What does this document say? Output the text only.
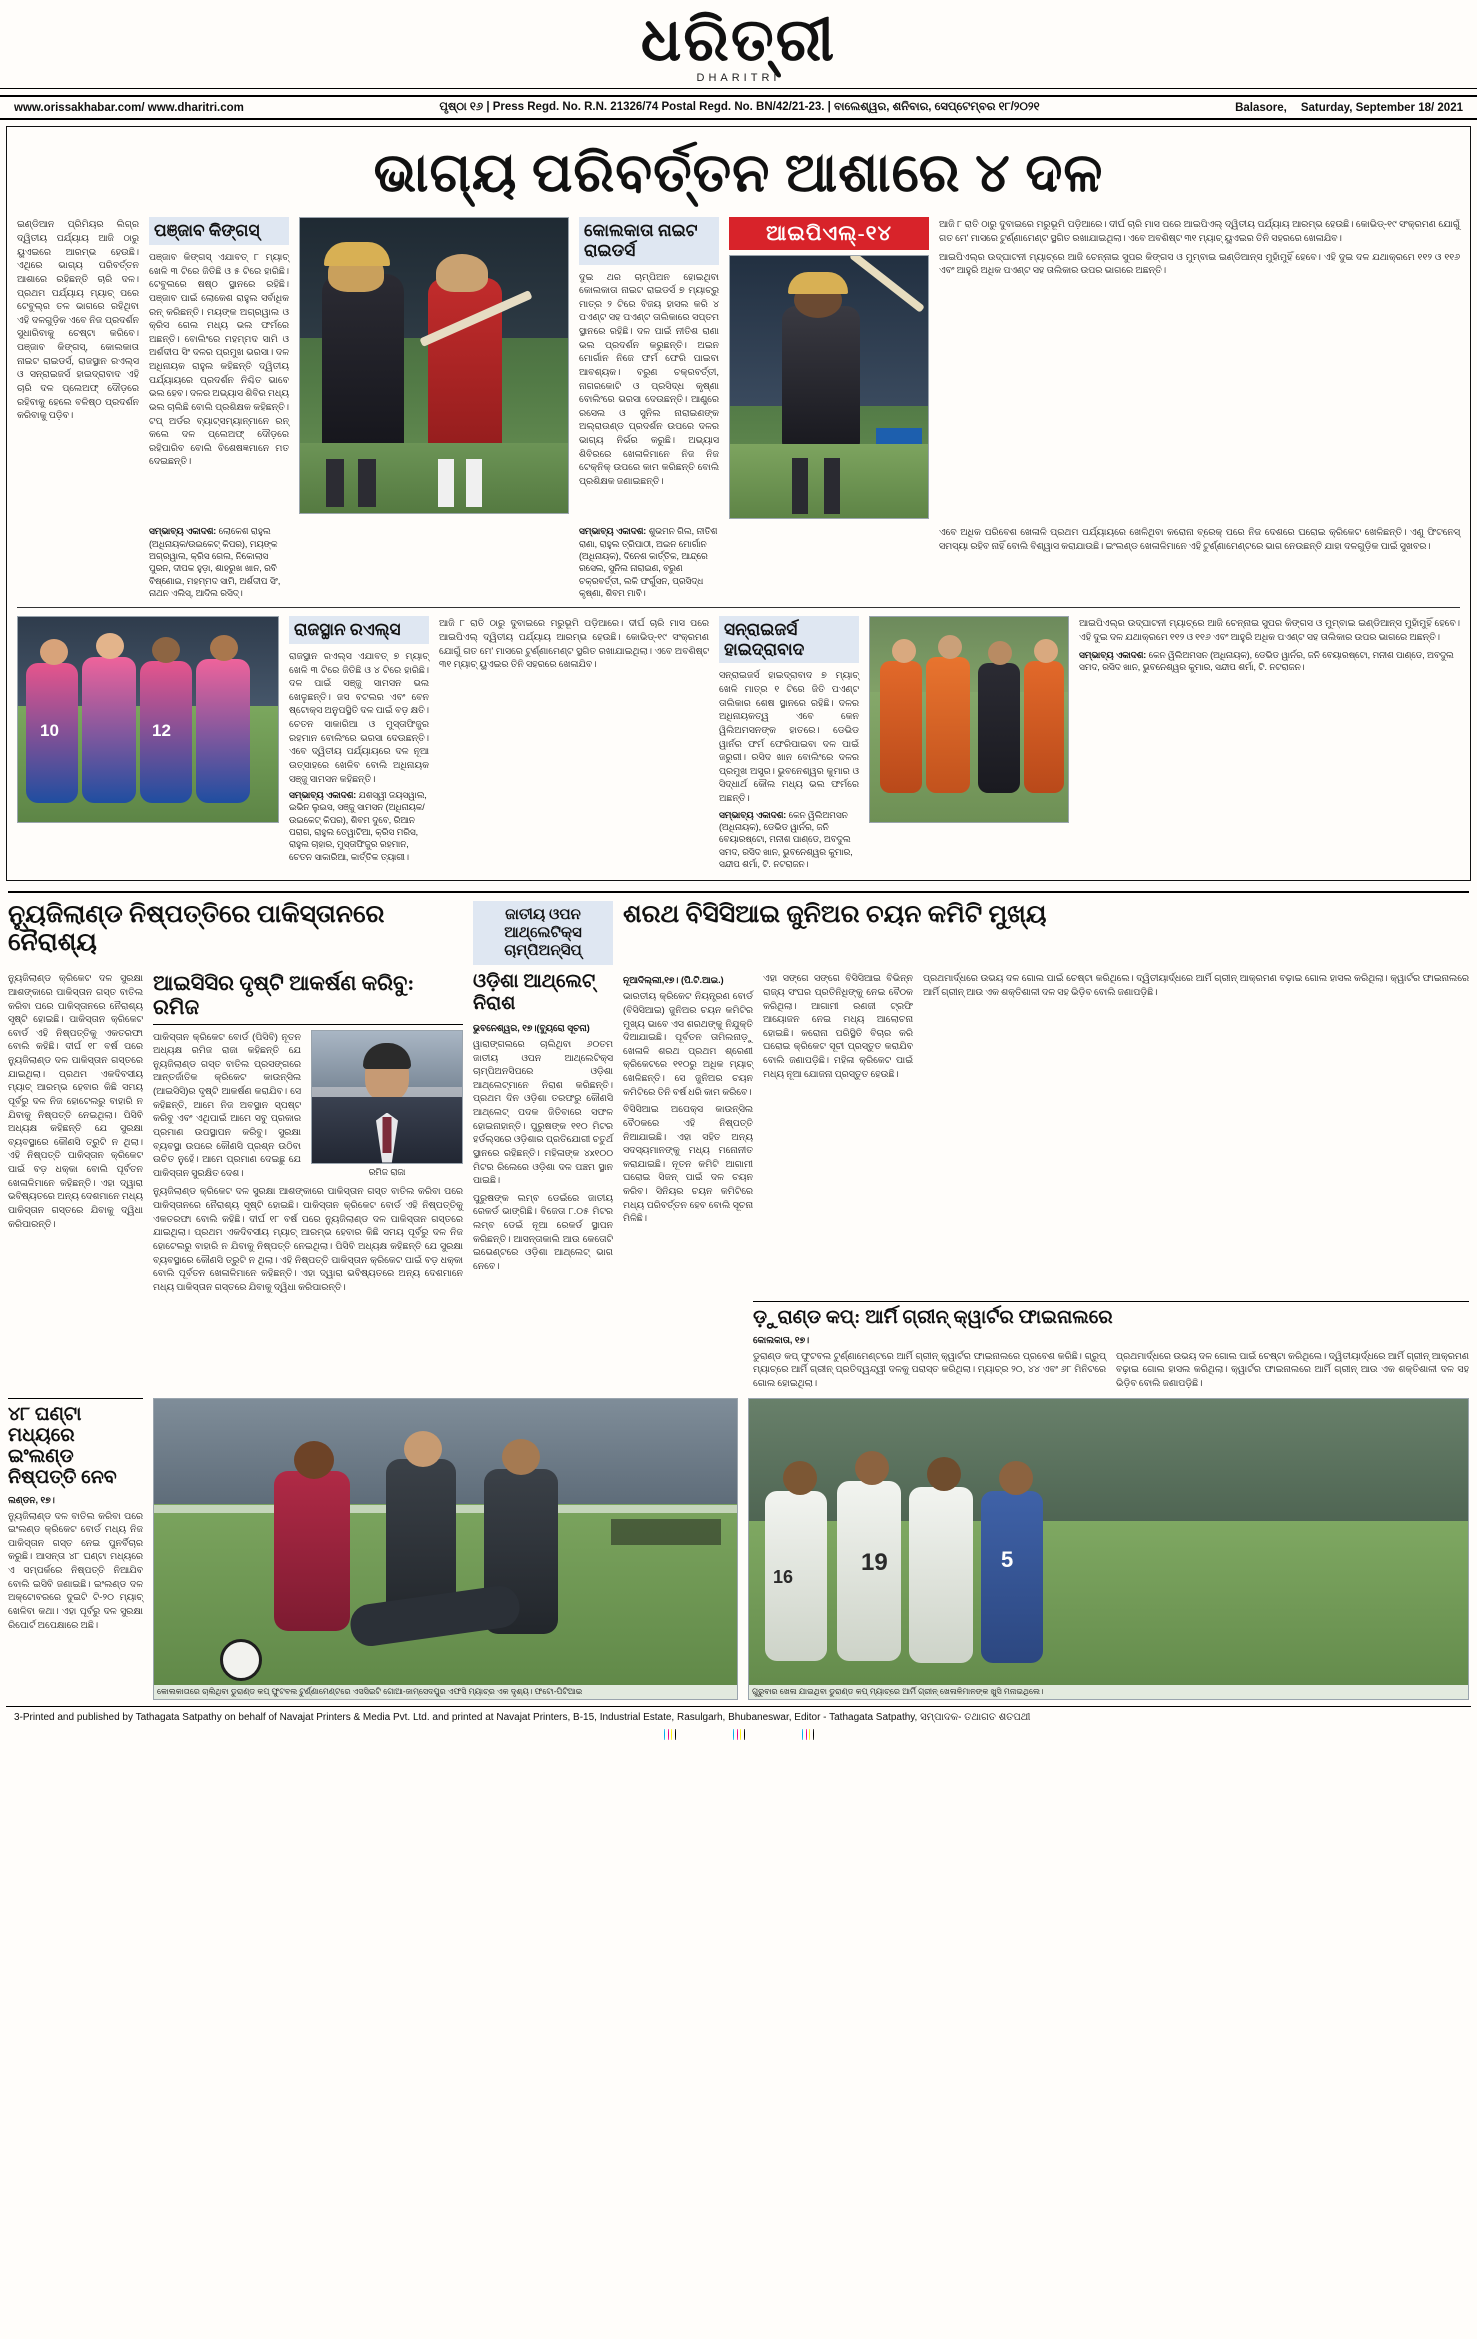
ଧରିତ୍ରୀ
DHARITRI
www.orissakhabar.com/ www.dharitri.com	ପୃଷ୍ଠା ୧୬ | Press Regd. No. R.N. 21326/74 Postal Regd. No. BN/42/21-23. | ବାଲେଶ୍ୱର, ଶନିବାର, ସେପ୍ଟେମ୍ବର ୧୮/୨୦୨୧	Balasore, Saturday, September 18/ 2021
ଭାଗ୍ୟ ପରିବର୍ତ୍ତନ ଆଶାରେ ୪ ଦଳ
ଇଣ୍ଡିଆନ ପ୍ରିମିୟର ଲିଗ୍‌ର ଦ୍ୱିତୀୟ ପର୍ଯ୍ୟାୟ ଆଜି ଠାରୁ ୟୁଏଇରେ ଆରମ୍ଭ ହେଉଛି। ଏଥିରେ ଭାଗ୍ୟ ପରିବର୍ତ୍ତନ ଆଶାରେ ରହିଛନ୍ତି ଚାରି ଦଳ। ପ୍ରଥମ ପର୍ଯ୍ୟାୟ ମ୍ୟାଚ୍‌ ପରେ ଟେବୁଲ୍‌ର ତଳ ଭାଗରେ ରହିଥିବା ଏହି ଦଳଗୁଡ଼ିକ ଏବେ ନିଜ ପ୍ରଦର୍ଶନ ସୁଧାରିବାକୁ ଚେଷ୍ଟା କରିବେ। ପଞ୍ଜାବ କିଙ୍ଗସ୍‌, କୋଲକାତା ନାଇଟ ରାଇଡର୍ସ, ରାଜସ୍ଥାନ ରଏଲ୍ସ ଓ ସନ୍‌ରାଇଜର୍ସ ହାଇଦ୍ରାବାଦ ଏହି ଚାରି ଦଳ ପ୍ଲେଅଫ୍‌ ଦୌଡ଼ରେ ରହିବାକୁ ହେଲେ ବଳିଷ୍ଠ ପ୍ରଦର୍ଶନ କରିବାକୁ ପଡ଼ିବ।
ପଞ୍ଜାବ କିଙ୍ଗସ୍‌
ପଞ୍ଜାବ କିଙ୍ଗସ୍‌ ଏଯାବତ୍‌ ୮ ମ୍ୟାଚ୍‌ ଖେଳି ୩ ଟିରେ ଜିତିଛି ଓ ୫ ଟିରେ ହାରିଛି। ଟେବୁଲରେ ଷଷ୍ଠ ସ୍ଥାନରେ ରହିଛି। ପଞ୍ଜାବ ପାଇଁ ଲୋକେଶ ରାହୁଲ ସର୍ବାଧିକ ରନ୍‌ କରିଛନ୍ତି। ମୟଙ୍କ ଅଗ୍ରୱାଲ ଓ କ୍ରିସ ଗେଲ ମଧ୍ୟ ଭଲ ଫର୍ମରେ ଅଛନ୍ତି। ବୋଲିଂରେ ମହମ୍ମଦ ସାମି ଓ ଅର୍ଶଦୀପ ସିଂ ଦଳର ପ୍ରମୁଖ ଭରସା। ଦଳ ଅଧିନାୟକ ରାହୁଲ କହିଛନ୍ତି ଦ୍ୱିତୀୟ ପର୍ଯ୍ୟାୟରେ ପ୍ରଦର୍ଶନ ନିଶ୍ଚିତ ଭାବେ ଭଲ ହେବ। ଦଳର ଅଭ୍ୟାସ ଶିବିର ମଧ୍ୟ ଭଲ ଚାଲିଛି ବୋଲି ପ୍ରଶିକ୍ଷକ କହିଛନ୍ତି। ଟପ୍‌ ଅର୍ଡର ବ୍ୟାଟ୍‌ସମ୍ୟାନ୍‌ମାନେ ରନ୍‌ କଲେ ଦଳ ପ୍ଲେଅଫ୍‌ ଦୌଡ଼ରେ ରହିପାରିବ ବୋଲି ବିଶେଷଜ୍ଞମାନେ ମତ ଦେଇଛନ୍ତି।
କୋଲକାତା ନାଇଟ ରାଇଡର୍ସ
ଦୁଇ ଥର ଚାମ୍ପିଅନ ହୋଇଥିବା କୋଲକାତା ନାଇଟ ରାଇଡର୍ସ ୭ ମ୍ୟାଚ୍‌ରୁ ମାତ୍ର ୨ ଟିରେ ବିଜୟ ହାସଲ କରି ୪ ପଏଣ୍ଟ ସହ ପଏଣ୍ଟ ତାଲିକାରେ ସପ୍ତମ ସ୍ଥାନରେ ରହିଛି। ଦଳ ପାଇଁ ନୀତିଶ ରାଣା ଭଲ ପ୍ରଦର୍ଶନ କରୁଛନ୍ତି। ଅଇନ ମୋର୍ଗାନ ନିଜେ ଫର୍ମ ଫେରି ପାଇବା ଆବଶ୍ୟକ। ବରୁଣ ଚକ୍ରବର୍ତ୍ତୀ, ନାଗରକୋଟି ଓ ପ୍ରସିଦ୍ଧ କୃଷ୍ଣା ବୋଲିଂରେ ଭରସା ଦେଉଛନ୍ତି। ଆଣ୍ଡ୍ରେ ରସେଲ ଓ ସୁନିଲ ନାରାଇଣଙ୍କ ଅଲ୍‌ରାଉଣ୍ଡ ପ୍ରଦର୍ଶନ ଉପରେ ଦଳର ଭାଗ୍ୟ ନିର୍ଭର କରୁଛି। ଅଭ୍ୟାସ ଶିବିରରେ ଖେଳାଳିମାନେ ନିଜ ନିଜ ଟେକ୍‌ନିକ୍‌ ଉପରେ କାମ କରିଛନ୍ତି ବୋଲି ପ୍ରଶିକ୍ଷକ ଜଣାଇଛନ୍ତି।
ଆଇପିଏଲ୍‌-୧୪	ଆଜି ୮ ରାତି ଠାରୁ ଦୁବାଇରେ ମରୁଭୂମି ପଡ଼ିଆରେ। ଦୀର୍ଘ ଚାରି ମାସ ପରେ ଆଇପିଏଲ୍‌ ଦ୍ୱିତୀୟ ପର୍ଯ୍ୟାୟ ଆରମ୍ଭ ହେଉଛି। କୋଭିଡ୍‌-୧୯ ସଂକ୍ରମଣ ଯୋଗୁଁ ଗତ ମେ' ମାସରେ ଟୁର୍ଣ୍ଣାମେଣ୍ଟ ସ୍ଥଗିତ ରଖାଯାଇଥିଲା। ଏବେ ଅବଶିଷ୍ଟ ୩୧ ମ୍ୟାଚ୍‌ ୟୁଏଇର ତିନି ସହରରେ ଖେଳାଯିବ।
ଆଇପିଏଲ୍‌ର ଉଦ୍‌ଘାଟନୀ ମ୍ୟାଚ୍‌ରେ ଆଜି ଚେନ୍ନାଇ ସୁପର କିଙ୍ଗସ ଓ ମୁମ୍ବାଇ ଇଣ୍ଡିଆନ୍ସ ମୁହାଁମୁହିଁ ହେବେ। ଏହି ଦୁଇ ଦଳ ଯଥାକ୍ରମେ ୧୧୨ ଓ ୧୧୬ ଏବଂ ଆହୁରି ଅଧିକ ପଏଣ୍ଟ ସହ ତାଲିକାର ଉପର ଭାଗରେ ଅଛନ୍ତି।
ସମ୍ଭାବ୍ୟ ଏକାଦଶ: ଲୋକେଶ ରାହୁଲ (ଅଧିନାୟକ/ଉଇକେଟ୍‌ କିପର), ମୟଙ୍କ ଅଗ୍ରୱାଲ, କ୍ରିସ ଗେଲ, ନିକୋଲାସ ପୁରନ, ଦୀପକ ହୁଡ଼ା, ଶାହରୁଖ ଖାନ, ରବି ବିଷ୍ଣୋଇ, ମହମ୍ମଦ ସାମି, ଅର୍ଶଦୀପ ସିଂ, ନାଥନ ଏଲିସ୍‌, ଆଦିଲ ରସିଦ୍‌।
ସମ୍ଭାବ୍ୟ ଏକାଦଶ: ଶୁଭମନ ଗିଲ, ନୀତିଶ ରାଣା, ରାହୁଲ ତ୍ରିପାଠୀ, ଅଇନ ମୋର୍ଗାନ (ଅଧିନାୟକ), ଦିନେଶ କାର୍ତ୍ତିକ, ଆନ୍ଦ୍ରେ ରସେଲ, ସୁନିଲ ନାରାଇଣ, ବରୁଣ ଚକ୍ରବର୍ତ୍ତୀ, ଲକି ଫର୍ଗୁସନ, ପ୍ରସିଦ୍ଧ କୃଷ୍ଣା, ଶିବମ ମାବି।
ଏବେ ଅଧିକ ପରିବେଶ ଖେଳାଳି ପ୍ରଥମ ପର୍ଯ୍ୟାୟରେ ଖେଳିଥିବା କରୋନା ବ୍ରେକ୍‌ ପରେ ନିଜ ଦେଶରେ ଘରୋଇ କ୍ରିକେଟ ଖେଳିଛନ୍ତି। ଏଣୁ ଫିଟନେସ୍‌ ସମସ୍ୟା ରହିବ ନାହିଁ ବୋଲି ବିଶ୍ୱାସ କରାଯାଉଛି। ଇଂଲଣ୍ଡ ଖେଳାଳିମାନେ ଏହି ଟୁର୍ଣ୍ଣାମେଣ୍ଟରେ ଭାଗ ନେଉଛନ୍ତି ଯାହା ଦଳଗୁଡ଼ିକ ପାଇଁ ସୁଖବର।
10	12
ରାଜସ୍ଥାନ ରଏଲ୍ସ
ରାଜସ୍ଥାନ ରଏଲ୍ସ ଏଯାବତ୍‌ ୭ ମ୍ୟାଚ୍‌ ଖେଳି ୩ ଟିରେ ଜିତିଛି ଓ ୪ ଟିରେ ହାରିଛି। ଦଳ ପାଇଁ ସଞ୍ଜୁ ସାମସନ ଭଲ ଖେଳୁଛନ୍ତି। ଜସ ବଟଲର ଏବଂ ବେନ ଷ୍ଟୋକ୍ସ ଅନୁପସ୍ଥିତି ଦଳ ପାଇଁ ବଡ଼ କ୍ଷତି। ଚେତନ ସାକାରିଆ ଓ ମୁସ୍ତାଫିଜୁର ରହମାନ ବୋଲିଂରେ ଭରସା ଦେଉଛନ୍ତି। ଏବେ ଦ୍ୱିତୀୟ ପର୍ଯ୍ୟାୟରେ ଦଳ ନୂଆ ଉତ୍ସାହରେ ଖେଳିବ ବୋଲି ଅଧିନାୟକ ସଞ୍ଜୁ ସାମସନ କହିଛନ୍ତି।
ସମ୍ଭାବ୍ୟ ଏକାଦଶ: ଯଶସ୍ୱୀ ଜୟସୱାଲ, ଇଭିନ ଲୁଇସ, ସଞ୍ଜୁ ସାମସନ (ଅଧିନାୟକ/ଉଇକେଟ୍‌ କିପର), ଶିବମ ଦୁବେ, ରିଆନ ପରାଗ, ରାହୁଲ ତେୱାଟିଆ, କ୍ରିସ ମରିସ, ରାହୁଲ ଚାହାର, ମୁସ୍ତାଫିଜୁର ରହମାନ, ଚେତନ ସାକାରିଆ, କାର୍ତ୍ତିକ ତ୍ୟାଗୀ।
ଆଜି ୮ ରାତି ଠାରୁ ଦୁବାଇରେ ମରୁଭୂମି ପଡ଼ିଆରେ। ଦୀର୍ଘ ଚାରି ମାସ ପରେ ଆଇପିଏଲ୍‌ ଦ୍ୱିତୀୟ ପର୍ଯ୍ୟାୟ ଆରମ୍ଭ ହେଉଛି। କୋଭିଡ୍‌-୧୯ ସଂକ୍ରମଣ ଯୋଗୁଁ ଗତ ମେ' ମାସରେ ଟୁର୍ଣ୍ଣାମେଣ୍ଟ ସ୍ଥଗିତ ରଖାଯାଇଥିଲା। ଏବେ ଅବଶିଷ୍ଟ ୩୧ ମ୍ୟାଚ୍‌ ୟୁଏଇର ତିନି ସହରରେ ଖେଳାଯିବ।
ସନ୍‌ରାଇଜର୍ସ ହାଇଦ୍ରାବାଦ
ସନ୍‌ରାଇଜର୍ସ ହାଇଦ୍ରାବାଦ ୭ ମ୍ୟାଚ୍‌ ଖେଳି ମାତ୍ର ୧ ଟିରେ ଜିତି ପଏଣ୍ଟ ତାଲିକାର ଶେଷ ସ୍ଥାନରେ ରହିଛି। ଦଳର ଅଧିନାୟକତ୍ୱ ଏବେ କେନ ୱିଲିଅମସନଙ୍କ ହାତରେ। ଡେଭିଡ ୱାର୍ନର ଫର୍ମ ଫେରିପାଇବା ଦଳ ପାଇଁ ଜରୁରୀ। ରସିଦ ଖାନ ବୋଲିଂରେ ଦଳର ପ୍ରମୁଖ ଅସ୍ତ୍ର। ଭୁବନେଶ୍ୱର କୁମାର ଓ ସିଦ୍ଧାର୍ଥ କୌଲ ମଧ୍ୟ ଭଲ ଫର୍ମରେ ଅଛନ୍ତି।
ସମ୍ଭାବ୍ୟ ଏକାଦଶ: କେନ ୱିଲିଅମସନ (ଅଧିନାୟକ), ଡେଭିଡ ୱାର୍ନର, ଜନି ବେୟାରଷ୍ଟୋ, ମନୀଶ ପାଣ୍ଡେ, ଅବଦୁଲ ସମଦ, ରସିଦ ଖାନ, ଭୁବନେଶ୍ୱର କୁମାର, ସନ୍ଦୀପ ଶର୍ମା, ଟି. ନଟରାଜନ।
ଆଇପିଏଲ୍‌ର ଉଦ୍‌ଘାଟନୀ ମ୍ୟାଚ୍‌ରେ ଆଜି ଚେନ୍ନାଇ ସୁପର କିଙ୍ଗସ ଓ ମୁମ୍ବାଇ ଇଣ୍ଡିଆନ୍ସ ମୁହାଁମୁହିଁ ହେବେ। ଏହି ଦୁଇ ଦଳ ଯଥାକ୍ରମେ ୧୧୨ ଓ ୧୧୬ ଏବଂ ଆହୁରି ଅଧିକ ପଏଣ୍ଟ ସହ ତାଲିକାର ଉପର ଭାଗରେ ଅଛନ୍ତି।
ସମ୍ଭାବ୍ୟ ଏକାଦଶ: କେନ ୱିଲିଅମସନ (ଅଧିନାୟକ), ଡେଭିଡ ୱାର୍ନର, ଜନି ବେୟାରଷ୍ଟୋ, ମନୀଶ ପାଣ୍ଡେ, ଅବଦୁଲ ସମଦ, ରସିଦ ଖାନ, ଭୁବନେଶ୍ୱର କୁମାର, ସନ୍ଦୀପ ଶର୍ମା, ଟି. ନଟରାଜନ।
ନ୍ୟୁଜିଲାଣ୍ଡ ନିଷ୍ପତ୍ତିରେ ପାକିସ୍ତାନରେ ନୈରାଶ୍ୟ
ଜାତୀୟ ଓପନ ଆଥ୍‌ଲେଟିକ୍ସ ଚାମ୍ପିଅନ୍‌ସିପ୍‌
ଶରଥ ବିସିସିଆଇ ଜୁନିଅର ଚୟନ କମିଟି ମୁଖ୍ୟ
ନ୍ୟୁଜିଲାଣ୍ଡ କ୍ରିକେଟ ଦଳ ସୁରକ୍ଷା ଆଶଙ୍କାରେ ପାକିସ୍ତାନ ଗସ୍ତ ବାତିଲ କରିବା ପରେ ପାକିସ୍ତାନରେ ନୈରାଶ୍ୟ ସୃଷ୍ଟି ହୋଇଛି। ପାକିସ୍ତାନ କ୍ରିକେଟ ବୋର୍ଡ ଏହି ନିଷ୍ପତ୍ତିକୁ ଏକତରଫା ବୋଲି କହିଛି। ଦୀର୍ଘ ୧୮ ବର୍ଷ ପରେ ନ୍ୟୁଜିଲାଣ୍ଡ ଦଳ ପାକିସ୍ତାନ ଗସ୍ତରେ ଯାଇଥିଲା। ପ୍ରଥମ ଏକଦିବସୀୟ ମ୍ୟାଚ୍‌ ଆରମ୍ଭ ହେବାର କିଛି ସମୟ ପୂର୍ବରୁ ଦଳ ନିଜ ହୋଟେଲରୁ ବାହାରି ନ ଯିବାକୁ ନିଷ୍ପତ୍ତି ନେଇଥିଲା। ପିସିବି ଅଧ୍ୟକ୍ଷ କହିଛନ୍ତି ଯେ ସୁରକ୍ଷା ବ୍ୟବସ୍ଥାରେ କୌଣସି ତ୍ରୁଟି ନ ଥିଲା। ଏହି ନିଷ୍ପତ୍ତି ପାକିସ୍ତାନ କ୍ରିକେଟ ପାଇଁ ବଡ଼ ଧକ୍କା ବୋଲି ପୂର୍ବତନ ଖେଳାଳିମାନେ କହିଛନ୍ତି। ଏହା ଦ୍ୱାରା ଭବିଷ୍ୟତରେ ଅନ୍ୟ ଦେଶମାନେ ମଧ୍ୟ ପାକିସ୍ତାନ ଗସ୍ତରେ ଯିବାକୁ ଦ୍ୱିଧା କରିପାରନ୍ତି।
ଆଇସିସିର ଦୃଷ୍ଟି ଆକର୍ଷଣ କରିବୁ: ରମିଜ
ପାକିସ୍ତାନ କ୍ରିକେଟ ବୋର୍ଡ (ପିସିବି) ନୂତନ ଅଧ୍ୟକ୍ଷ ରମିଜ ରାଜା କହିଛନ୍ତି ଯେ ନ୍ୟୁଜିଲାଣ୍ଡ ଗସ୍ତ ବାତିଲ ପ୍ରସଙ୍ଗରେ ଆନ୍ତର୍ଜାତିକ କ୍ରିକେଟ କାଉନ୍ସିଲ (ଆଇସିସି)ର ଦୃଷ୍ଟି ଆକର୍ଷଣ କରାଯିବ। ସେ କହିଛନ୍ତି, ଆମେ ନିଜ ଅବସ୍ଥାନ ସ୍ପଷ୍ଟ କରିବୁ ଏବଂ ଏଥିପାଇଁ ଆମେ ସବୁ ପ୍ରକାର ପ୍ରମାଣ ଉପସ୍ଥାପନ କରିବୁ। ସୁରକ୍ଷା ବ୍ୟବସ୍ଥା ଉପରେ କୌଣସି ପ୍ରଶ୍ନ ଉଠିବା ଉଚିତ ନୁହେଁ। ଆମେ ପ୍ରମାଣ ଦେଇଛୁ ଯେ ପାକିସ୍ତାନ ସୁରକ୍ଷିତ ଦେଶ।	ରମିଜ ରାଜା
ନ୍ୟୁଜିଲାଣ୍ଡ କ୍ରିକେଟ ଦଳ ସୁରକ୍ଷା ଆଶଙ୍କାରେ ପାକିସ୍ତାନ ଗସ୍ତ ବାତିଲ କରିବା ପରେ ପାକିସ୍ତାନରେ ନୈରାଶ୍ୟ ସୃଷ୍ଟି ହୋଇଛି। ପାକିସ୍ତାନ କ୍ରିକେଟ ବୋର୍ଡ ଏହି ନିଷ୍ପତ୍ତିକୁ ଏକତରଫା ବୋଲି କହିଛି। ଦୀର୍ଘ ୧୮ ବର୍ଷ ପରେ ନ୍ୟୁଜିଲାଣ୍ଡ ଦଳ ପାକିସ୍ତାନ ଗସ୍ତରେ ଯାଇଥିଲା। ପ୍ରଥମ ଏକଦିବସୀୟ ମ୍ୟାଚ୍‌ ଆରମ୍ଭ ହେବାର କିଛି ସମୟ ପୂର୍ବରୁ ଦଳ ନିଜ ହୋଟେଲରୁ ବାହାରି ନ ଯିବାକୁ ନିଷ୍ପତ୍ତି ନେଇଥିଲା। ପିସିବି ଅଧ୍ୟକ୍ଷ କହିଛନ୍ତି ଯେ ସୁରକ୍ଷା ବ୍ୟବସ୍ଥାରେ କୌଣସି ତ୍ରୁଟି ନ ଥିଲା। ଏହି ନିଷ୍ପତ୍ତି ପାକିସ୍ତାନ କ୍ରିକେଟ ପାଇଁ ବଡ଼ ଧକ୍କା ବୋଲି ପୂର୍ବତନ ଖେଳାଳିମାନେ କହିଛନ୍ତି। ଏହା ଦ୍ୱାରା ଭବିଷ୍ୟତରେ ଅନ୍ୟ ଦେଶମାନେ ମଧ୍ୟ ପାକିସ୍ତାନ ଗସ୍ତରେ ଯିବାକୁ ଦ୍ୱିଧା କରିପାରନ୍ତି।
ଓଡ଼ିଶା ଆଥ୍‌ଲେଟ୍‌ ନିରାଶ
ଭୁବନେଶ୍ୱର, ୧୭।(ବ୍ୟୁରୋ ସୂଚନା)
ୱାରାଙ୍ଗଲରେ ଚାଲିଥିବା ୬୦ତମ ଜାତୀୟ ଓପନ ଆଥ୍‌ଲେଟିକ୍ସ ଚାମ୍ପିଅନସିପରେ ଓଡ଼ିଶା ଆଥ୍‌ଲେଟ୍‌ମାନେ ନିରାଶ କରିଛନ୍ତି। ପ୍ରଥମ ଦିନ ଓଡ଼ିଶା ତରଫରୁ କୌଣସି ଆଥ୍‌ଲେଟ୍‌ ପଦକ ଜିତିବାରେ ସଫଳ ହୋଇନାହାନ୍ତି। ପୁରୁଷଙ୍କ ୧୧୦ ମିଟର ହର୍ଡଲ୍‌ସରେ ଓଡ଼ିଶାର ପ୍ରତିଯୋଗୀ ଚତୁର୍ଥ ସ୍ଥାନରେ ରହିଛନ୍ତି। ମହିଳାଙ୍କ ୪x୧୦୦ ମିଟର ରିଲେରେ ଓଡ଼ିଶା ଦଳ ପଞ୍ଚମ ସ୍ଥାନ ପାଇଛି।
ପୁରୁଷଙ୍କ ଲମ୍ବ ଡେଇଁରେ ଜାତୀୟ ରେକର୍ଡ ଭାଙ୍ଗିଛି। ବିଜେତା ୮.୦୫ ମିଟର ଲମ୍ବ ଡେଇଁ ନୂଆ ରେକର୍ଡ ସ୍ଥାପନ କରିଛନ୍ତି। ଆସନ୍ତାକାଲି ଆଉ କେତୋଟି ଇଭେଣ୍ଟରେ ଓଡ଼ିଶା ଆଥ୍‌ଲେଟ୍‌ ଭାଗ ନେବେ।
ନୂଆଦିଲ୍ଲୀ,୧୭। (ପି.ଟି.ଆଇ.)
ଭାରତୀୟ କ୍ରିକେଟ ନିୟନ୍ତ୍ରଣ ବୋର୍ଡ (ବିସିସିଆଇ) ଜୁନିଅର ଚୟନ କମିଟିର ମୁଖ୍ୟ ଭାବେ ଏସ ଶରଥଙ୍କୁ ନିଯୁକ୍ତି ଦିଆଯାଇଛି। ପୂର୍ବତନ ତାମିଲନାଡ଼ୁ ଖେଳାଳି ଶରଥ ପ୍ରଥମ ଶ୍ରେଣୀ କ୍ରିକେଟରେ ୧୧୦ରୁ ଅଧିକ ମ୍ୟାଚ୍‌ ଖେଳିଛନ୍ତି। ସେ ଜୁନିଅର ଚୟନ କମିଟିରେ ତିନି ବର୍ଷ ଧରି କାମ କରିବେ।
ବିସିସିଆଇ ଅପେକ୍ସ କାଉନ୍ସିଲ ବୈଠକରେ ଏହି ନିଷ୍ପତ୍ତି ନିଆଯାଇଛି। ଏହା ସହିତ ଅନ୍ୟ ସଦସ୍ୟମାନଙ୍କୁ ମଧ୍ୟ ମନୋନୀତ କରାଯାଇଛି। ନୂତନ କମିଟି ଆଗାମୀ ଘରୋଇ ସିଜନ୍‌ ପାଇଁ ଦଳ ଚୟନ କରିବ। ସିନିୟର ଚୟନ କମିଟିରେ ମଧ୍ୟ ପରିବର୍ତ୍ତନ ହେବ ବୋଲି ସୂଚନା ମିଳିଛି।
ଏହା ସଙ୍ଗେ ସଙ୍ଗେ ବିସିସିଆଇ ବିଭିନ୍ନ ରାଜ୍ୟ ସଂଘର ପ୍ରତିନିଧିଙ୍କୁ ନେଇ ବୈଠକ କରିଥିଲା। ଆଗାମୀ ରଣଜୀ ଟ୍ରଫି ଆୟୋଜନ ନେଇ ମଧ୍ୟ ଆଲୋଚନା ହୋଇଛି। କରୋନା ପରିସ୍ଥିତି ବିଚାର କରି ଘରୋଇ କ୍ରିକେଟ ସୂଚୀ ପ୍ରସ୍ତୁତ କରାଯିବ ବୋଲି ଜଣାପଡ଼ିଛି। ମହିଳା କ୍ରିକେଟ ପାଇଁ ମଧ୍ୟ ନୂଆ ଯୋଜନା ପ୍ରସ୍ତୁତ ହେଉଛି।
ପ୍ରଥମାର୍ଦ୍ଧରେ ଉଭୟ ଦଳ ଗୋଲ ପାଇଁ ଚେଷ୍ଟା କରିଥିଲେ। ଦ୍ୱିତୀୟାର୍ଦ୍ଧରେ ଆର୍ମି ଗ୍ରୀନ୍‌ ଆକ୍ରମଣ ବଢ଼ାଇ ଗୋଲ ହାସଲ କରିଥିଲା। କ୍ୱାର୍ଟର ଫାଇନାଲରେ ଆର୍ମି ଗ୍ରୀନ୍‌ ଆଉ ଏକ ଶକ୍ତିଶାଳୀ ଦଳ ସହ ଭିଡ଼ିବ ବୋଲି ଜଣାପଡ଼ିଛି।
ଡ଼ୁରାଣ୍ଡ କପ୍‌: ଆର୍ମି ଗ୍ରୀନ୍‌ କ୍ୱାର୍ଟର ଫାଇନାଲରେ
କୋଲକାତା, ୧୭।
ଡୁରାଣ୍ଡ କପ୍‌ ଫୁଟବଲ ଟୁର୍ଣ୍ଣାମେଣ୍ଟରେ ଆର୍ମି ଗ୍ରୀନ୍‌ କ୍ୱାର୍ଟର ଫାଇନାଲରେ ପ୍ରବେଶ କରିଛି। ଗ୍ରୁପ୍‌ ମ୍ୟାଚ୍‌ରେ ଆର୍ମି ଗ୍ରୀନ୍‌ ପ୍ରତିଦ୍ୱନ୍ଦ୍ୱୀ ଦଳକୁ ପରାସ୍ତ କରିଥିଲା। ମ୍ୟାଚ୍‌ର ୨୦, ୪୪ ଏବଂ ୬୮ ମିନିଟରେ ଗୋଲ ହୋଇଥିଲା।
ପ୍ରଥମାର୍ଦ୍ଧରେ ଉଭୟ ଦଳ ଗୋଲ ପାଇଁ ଚେଷ୍ଟା କରିଥିଲେ। ଦ୍ୱିତୀୟାର୍ଦ୍ଧରେ ଆର୍ମି ଗ୍ରୀନ୍‌ ଆକ୍ରମଣ ବଢ଼ାଇ ଗୋଲ ହାସଲ କରିଥିଲା। କ୍ୱାର୍ଟର ଫାଇନାଲରେ ଆର୍ମି ଗ୍ରୀନ୍‌ ଆଉ ଏକ ଶକ୍ତିଶାଳୀ ଦଳ ସହ ଭିଡ଼ିବ ବୋଲି ଜଣାପଡ଼ିଛି।
୪୮ ଘଣ୍ଟା ମଧ୍ୟରେ ଇଂଲଣ୍ଡ ନିଷ୍ପତ୍ତି ନେବ
ଲଣ୍ଡନ, ୧୭।
ନ୍ୟୁଜିଲାଣ୍ଡ ଦଳ ବାତିଲ କରିବା ପରେ ଇଂଲଣ୍ଡ କ୍ରିକେଟ ବୋର୍ଡ ମଧ୍ୟ ନିଜ ପାକିସ୍ତାନ ଗସ୍ତ ନେଇ ପୁନର୍ବିଚାର କରୁଛି। ଆସନ୍ତା ୪୮ ଘଣ୍ଟା ମଧ୍ୟରେ ଏ ସମ୍ପର୍କରେ ନିଷ୍ପତ୍ତି ନିଆଯିବ ବୋଲି ଇସିବି ଜଣାଇଛି। ଇଂଲଣ୍ଡ ଦଳ ଅକ୍ଟୋବରରେ ଦୁଇଟି ଟି-୨୦ ମ୍ୟାଚ୍‌ ଖେଳିବା କଥା। ଏହା ପୂର୍ବରୁ ଦଳ ସୁରକ୍ଷା ରିପୋର୍ଟ ଅପେକ୍ଷାରେ ଅଛି।
କୋଲକାତାରେ ଚାଲିଥିବା ଡୁରାଣ୍ଡ କପ୍‌ ଫୁଟବଲ ଟୁର୍ଣ୍ଣାମେଣ୍ଟରେ ଏସସିଇଟି ଗୋଆ-ଜାମ୍ସେଦପୁର ଏଫସି ମ୍ୟାଚ୍‌ର ଏକ ଦୃଶ୍ୟ। ଫଟୋ-ପିଟିଆଇ
19
16
5
ଗୁରୁବାର ଖେଳା ଯାଇଥିବା ଡୁରାଣ୍ଡ କପ୍‌ ମ୍ୟାଚ୍‌ରେ ଆର୍ମି ଗ୍ରୀନ୍‌ ଖେଳାଳିମାନଙ୍କ ଖୁସି ମନାଇଥିଲେ।
3-Printed and published by Tathagata Satpathy on behalf of Navajat Printers & Media Pvt. Ltd. and printed at Navajat Printers, B-15, Industrial Estate, Rasulgarh, Bhubaneswar, Editor - Tathagata Satpathy, ସମ୍ପାଦକ- ତଥାଗତ ଶତପଥୀ
